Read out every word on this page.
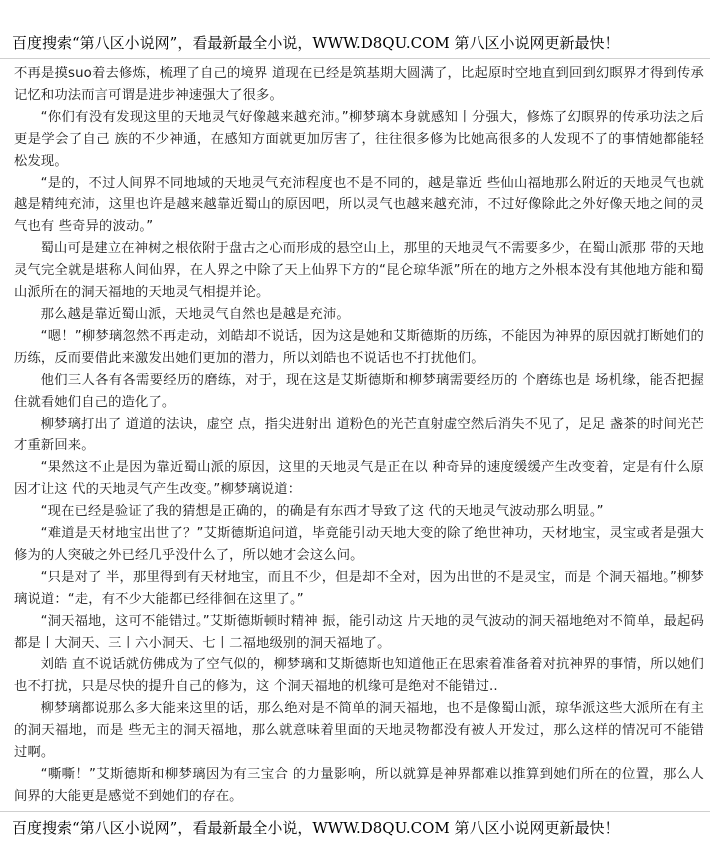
百度搜索“第八区小说网”，看最新最全小说，WWW.D8QU.COM 第八区小说网更新最快！

不再是摸suo着去修炼，梳理了自己的境界 道现在已经是筑基期大圆满了，比起原时空地直到回到幻瞑界才得到传承记忆和功法而言可谓是进步神速强大了很多。

“你们有没有发现这里的天地灵气好像越来越充沛。”柳梦璃本身就感知丨分强大，修炼了幻瞑界的传承功法之后更是学会了自己 族的不少神通，在感知方面就更加厉害了，往往很多修为比她高很多的人发现不了的事情她都能轻松发现。

“是的，不过人间界不同地域的天地灵气充沛程度也不是不同的，越是靠近 些仙山福地那么附近的天地灵气也就越是精纯充沛，这里也许是越来越靠近蜀山的原因吧，所以灵气也越来越充沛，不过好像除此之外好像天地之间的灵气也有 些奇异的波动。”

蜀山可是建立在神树之根依附于盘古之心而形成的悬空山上，那里的天地灵气不需要多少，在蜀山派那 带的天地灵气完全就是堪称人间仙界，在人界之中除了天上仙界下方的“昆仑琼华派”所在的地方之外根本没有其他地方能和蜀山派所在的洞天福地的天地灵气相提并论。

那么越是靠近蜀山派，天地灵气自然也是越是充沛。

“嗯！”柳梦璃忽然不再走动，刘皓却不说话，因为这是她和艾斯德斯的历练，不能因为神界的原因就打断她们的历练，反而要借此来激发出她们更加的潜力，所以刘皓也不说话也不打扰他们。

他们三人各有各需要经历的磨练，对于，现在这是艾斯德斯和柳梦璃需要经历的 个磨练也是 场机缘，能否把握住就看她们自己的造化了。

柳梦璃打出了 道道的法诀，虚空 点，指尖进射出 道粉色的光芒直射虚空然后消失不见了，足足 盏茶的时间光芒才重新回来。

“果然这不止是因为靠近蜀山派的原因，这里的天地灵气是正在以 种奇异的速度缓缓产生改变着，定是有什么原因才让这 代的天地灵气产生改变。”柳梦璃说道：

“现在已经是验证了我的猜想是正确的，的确是有东西才导致了这 代的天地灵气波动那么明显。”

“难道是天材地宝出世了？”艾斯德斯追问道，毕竟能引动天地大变的除了绝世神功，天材地宝，灵宝或者是强大修为的人突破之外已经几乎没什么了，所以她才会这么问。

“只是对了 半，那里得到有天材地宝，而且不少，但是却不全对，因为出世的不是灵宝，而是 个洞天福地。”柳梦璃说道：“走，有不少大能都已经徘徊在这里了。”

“洞天福地，这可不能错过。”艾斯德斯顿时精神 振，能引动这 片天地的灵气波动的洞天福地绝对不简单，最起码都是丨大洞天、三丨六小洞天、七丨二福地级别的洞天福地了。

刘皓 直不说话就仿佛成为了空气似的，柳梦璃和艾斯德斯也知道他正在思索着准备着对抗神界的事情，所以她们也不打扰，只是尽快的提升自己的修为，这 个洞天福地的机缘可是绝对不能错过..

柳梦璃都说那么多大能来这里的话，那么绝对是不简单的洞天福地，也不是像蜀山派，琼华派这些大派所在有主的洞天福地，而是 些无主的洞天福地，那么就意味着里面的天地灵物都没有被人开发过，那么这样的情况可不能错过啊。

“嘶嘶！”艾斯德斯和柳梦璃因为有三宝合 的力量影响，所以就算是神界都难以推算到她们所在的位置，那么人间界的大能更是感觉不到她们的存在。

百度搜索“第八区小说网”，看最新最全小说，WWW.D8QU.COM 第八区小说网更新最快！
